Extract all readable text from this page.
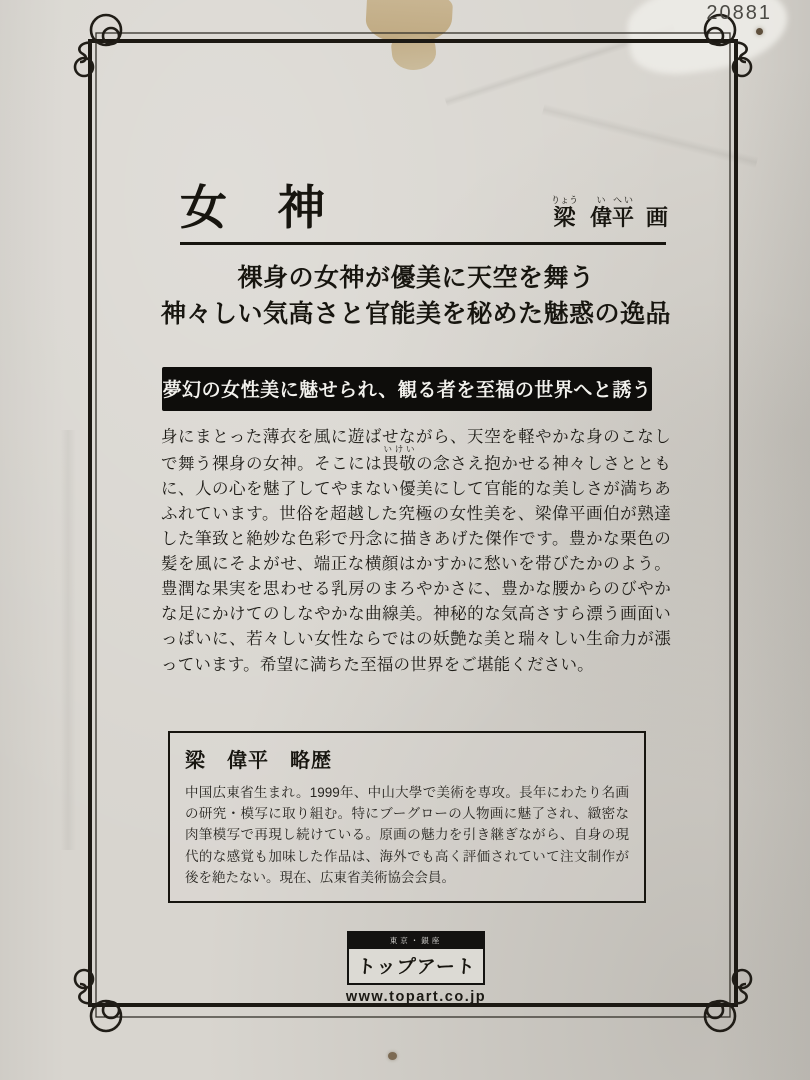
20881
女　神	梁りょう偉い平へい画

裸身の女神が優美に天空を舞う
神々しい気高さと官能美を秘めた魅惑の逸品

夢幻の女性美に魅せられ、観る者を至福の世界へと誘う

身にまとった薄衣を風に遊ばせながら、天空を軽やかな身のこなしで舞う裸身の女神。そこには畏敬いけいの念さえ抱かせる神々しさとともに、人の心を魅了してやまない優美にして官能的な美しさが満ちあふれています。世俗を超越した究極の女性美を、梁偉平画伯が熟達した筆致と絶妙な色彩で丹念に描きあげた傑作です。豊かな栗色の髪を風にそよがせ、端正な横顔はかすかに愁いを帯びたかのよう。豊潤な果実を思わせる乳房のまろやかさに、豊かな腰からのびやかな足にかけてのしなやかな曲線美。神秘的な気高さすら漂う画面いっぱいに、若々しい女性ならではの妖艶な美と瑞々しい生命力が漲っています。希望に満ちた至福の世界をご堪能ください。

梁　偉平　略歴

中国広東省生まれ。1999年、中山大學で美術を専攻。長年にわたり名画の研究・模写に取り組む。特にブーグローの人物画に魅了され、緻密な肉筆模写で再現し続けている。原画の魅力を引き継ぎながら、自身の現代的な感覚も加味した作品は、海外でも高く評価されていて注文制作が後を絶たない。現在、広東省美術協会会員。

東京・銀座
トップアート
www.topart.co.jp
